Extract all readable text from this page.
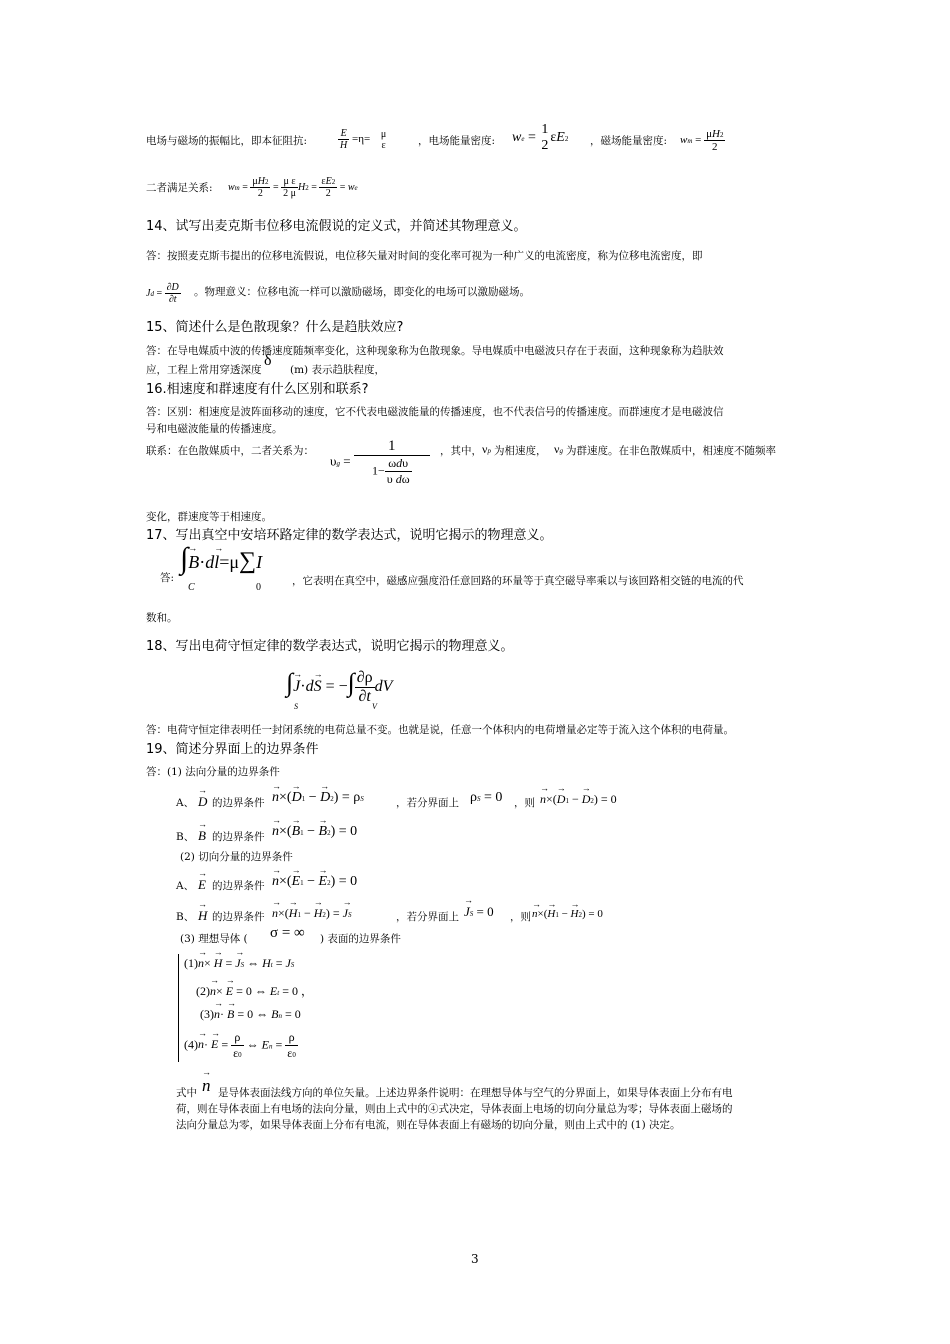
电场与磁场的振幅比，即本征阻抗:	$\frac{E}{H} =\eta= \mu$
ε	，电场能量密度: we =
1
2
εE2 ，磁场能量密度: wm = $\frac{\mu H2}{2}$
二者满足关系: wm = $\frac{\mu H2}{2} = \frac{\text{μ ε}}{2 \mu} H2 = \frac{\varepsilon E2}{2}$ = we
14、试写出麦克斯韦位移电流假说的定义式，并简述其物理意义。
答：按照麦克斯韦提出的位移电流假说，电位移矢量对时间的变化率可视为一种广义的电流密度，称为位移电流密度，即
$Jd = \frac{\partial D}{\partial t}$ 。物理意义：位移电流一样可以激励磁场，即变化的电场可以激励磁场。
15、简述什么是色散现象？什么是趋肤效应?
答：在导电媒质中波的传播速度随频率变化，这种现象称为色散现象。导电媒质中电磁波只存在于表面，这种现象称为趋肤效
应，工程上常用穿透深度
δ
(m) 表示趋肤程度，
16.相速度和群速度有什么区别和联系?
答：区别：相速度是波阵面移动的速度，它不代表电磁波能量的传播速度，也不代表信号的传播速度。而群速度才是电磁波信
号和电磁波能量的传播速度。
联系：在色散媒质中，二者关系为：
$\upsilon g = \frac{1}{1- \frac{\text{ωdυ}}{\text{υ dω}}}$ ，其中， νp 为相速度， νg 为群速度。在非色散媒质中，相速度不随频率
变化，群速度等于相速度。
17、写出真空中安培环路定律的数学表达式，说明它揭示的物理意义。
答:
∫→ B·d→ l=μ∑I
C	0
，它表明在真空中，磁感应强度沿任意回路的环量等于真空磁导率乘以与该回路相交链的电流的代
数和。
18、写出电荷守恒定律的数学表达式，说明它揭示的物理意义。
∫→ J·d→ S = −∫ $\frac{\partial\rho}{\partial t}$ dV
S	V
答：电荷守恒定律表明任一封闭系统的电荷总量不变。也就是说，任意一个体积内的电荷增量必定等于流入这个体积的电荷量。
19、简述分界面上的边界条件
答：(1) 法向分量的边界条件
A、 → D 的边界条件 → n×(→ D1 − → D2) = ρS	，若分界面上 ρS = 0 ，则 → n×(→ D1 − → D2) = 0
B、 → B 的边界条件 → n×(→ B1 − → B2) = 0
(2) 切向分量的边界条件
A、 → E 的边界条件 → n×(→ E1 − → E2) = 0
B、 → H 的边界条件 → n×(→ H1 − → H2) = → JS	，若分界面上 → JS = 0 ，则 → n×(→ H1 − → H2) = 0
(3) 理想导体 ( σ = ∞ ) 表面的边界条件
(1)→ n× → H = → JS ⇔ Ht = JS
(2)→ n× → E = 0 ⇔ Et = 0 ，
(3)→ n· → B = 0 ⇔ Bn = 0
$(4)\to n\cdot \to E = \frac{\rho}{\varepsilon 0}$ ⇔ $En = \frac{\rho}{\varepsilon 0}$
式中 → n 是导体表面法线方向的单位矢量。上述边界条件说明：在理想导体与空气的分界面上，如果导体表面上分布有电
荷，则在导体表面上有电场的法向分量，则由上式中的④式决定，导体表面上电场的切向分量总为零；导体表面上磁场的
法向分量总为零，如果导体表面上分布有电流，则在导体表面上有磁场的切向分量，则由上式中的 (1) 决定。
3
